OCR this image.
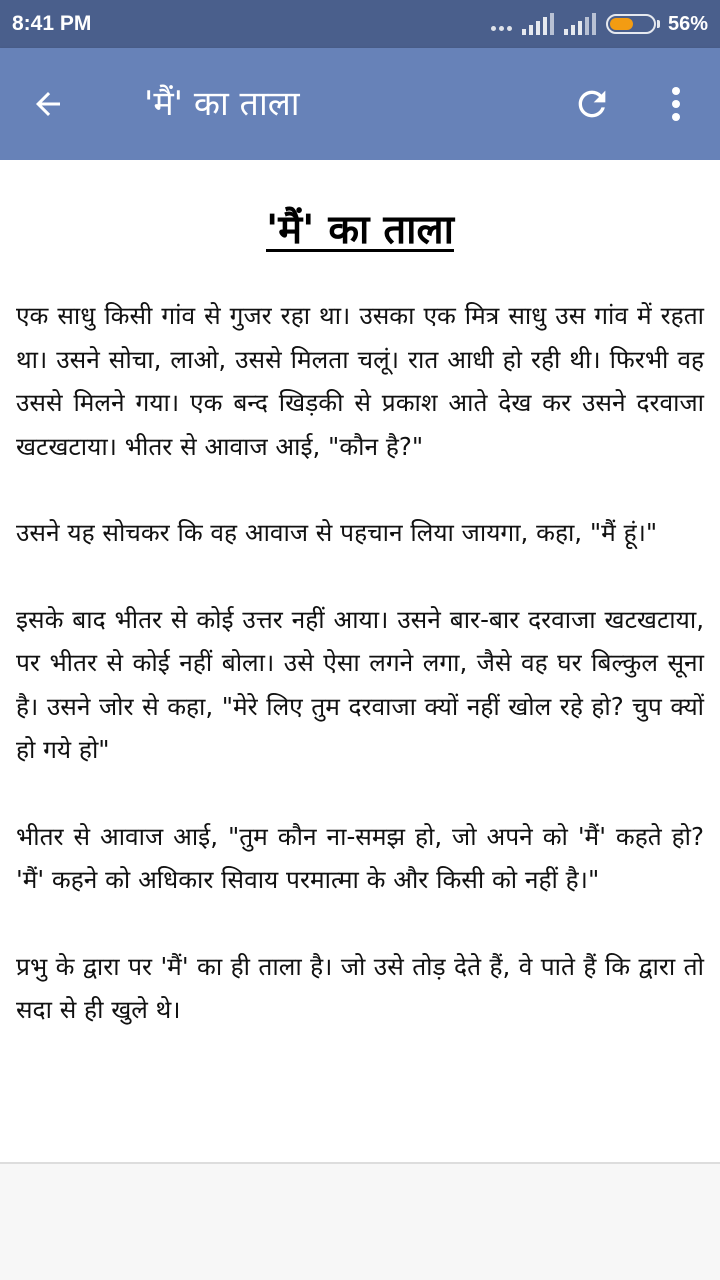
8:41 PM	56%
'मैं' का ताला
'मैं' का ताला

एक साधु किसी गांव से गुजर रहा था। उसका एक मित्र साधु उस गांव में रहता था। उसने सोचा, लाओ, उससे मिलता चलूं। रात आधी हो रही थी। फिरभी वह उससे मिलने गया। एक बन्द खिड़की से प्रकाश आते देख कर उसने दरवाजा खटखटाया। भीतर से आवाज आई, "कौन है?"

उसने यह सोचकर कि वह आवाज से पहचान लिया जायगा, कहा, "मैं हूं।"

इसके बाद भीतर से कोई उत्तर नहीं आया। उसने बार-बार दरवाजा खटखटाया, पर भीतर से कोई नहीं बोला। उसे ऐसा लगने लगा, जैसे वह घर बिल्कुल सूना है। उसने जोर से कहा, "मेरे लिए तुम दरवाजा क्यों नहीं खोल रहे हो? चुप क्यों हो गये हो"

भीतर से आवाज आई, "तुम कौन ना-समझ हो, जो अपने को 'मैं' कहते हो? 'मैं' कहने को अधिकार सिवाय परमात्मा के और किसी को नहीं है।"

प्रभु के द्वारा पर 'मैं' का ही ताला है। जो उसे तोड़ देते हैं, वे पाते हैं कि द्वारा तो सदा से ही खुले थे।
